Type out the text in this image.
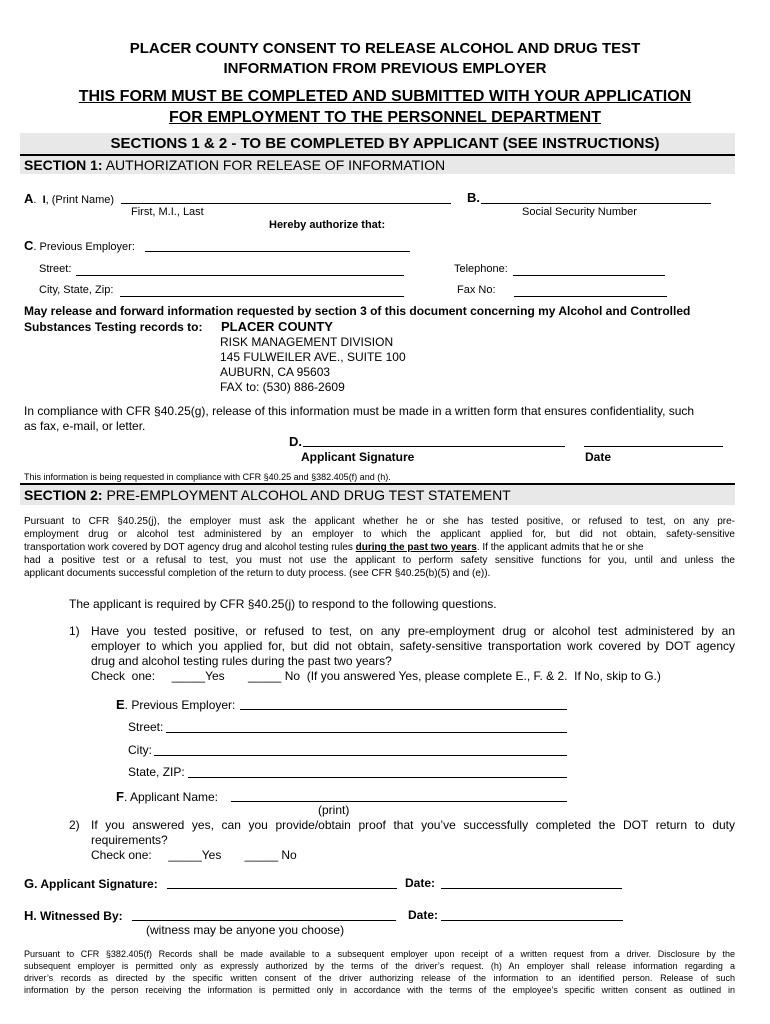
PLACER COUNTY CONSENT TO RELEASE ALCOHOL AND DRUG TEST
INFORMATION FROM PREVIOUS EMPLOYER
THIS FORM MUST BE COMPLETED AND SUBMITTED WITH YOUR APPLICATION
FOR EMPLOYMENT TO THE PERSONNEL DEPARTMENT
SECTIONS 1 & 2 - TO BE COMPLETED BY APPLICANT (SEE INSTRUCTIONS)
SECTION 1: AUTHORIZATION FOR RELEASE OF INFORMATION
A.  I, (Print Name)
First, M.I., Last
B.
Social Security Number
Hereby authorize that:
C. Previous Employer:
Street:	Telephone:
City, State, Zip:	Fax No:
May release and forward information requested by section 3 of this document concerning my Alcohol and Controlled
Substances Testing records to: PLACER COUNTY
RISK MANAGEMENT DIVISION
145 FULWEILER AVE., SUITE 100
AUBURN, CA 95603
FAX to: (530) 886-2609
In compliance with CFR §40.25(g), release of this information must be made in a written form that ensures confidentiality, such
as fax, e-mail, or letter.
D.
Applicant Signature	Date
This information is being requested in compliance with CFR §40.25 and §382.405(f) and (h).
SECTION 2: PRE-EMPLOYMENT ALCOHOL AND DRUG TEST STATEMENT
Pursuant to CFR §40.25(j), the employer must ask the applicant whether he or she has tested positive, or refused to test, on any pre-
employment drug or alcohol test administered by an employer to which the applicant applied for, but did not obtain, safety-sensitive
transportation work covered by DOT agency drug and alcohol testing rules during the past two years. If the applicant admits that he or she
had a positive test or a refusal to test, you must not use the applicant to perform safety sensitive functions for you, until and unless the
applicant documents successful completion of the return to duty process. (see CFR §40.25(b)(5) and (e)).
The applicant is required by CFR §40.25(j) to respond to the following questions.
1) Have you tested positive, or refused to test, on any pre-employment drug or alcohol test administered by an
employer to which you applied for, but did not obtain, safety-sensitive transportation work covered by DOT agency
drug and alcohol testing rules during the past two years?
Check  one:     _____Yes       _____ No  (If you answered Yes, please complete E., F. & 2.  If No, skip to G.)
E. Previous Employer:
Street:
City:
State, ZIP:
F. Applicant Name:
(print)
2) If you answered yes, can you provide/obtain proof that you’ve successfully completed the DOT return to duty
requirements?
Check one:     _____Yes       _____ No
G. Applicant Signature:	Date:
H. Witnessed By:	Date:
(witness may be anyone you choose)
Pursuant to CFR §382.405(f) Records shall be made available to a subsequent employer upon receipt of a written request from a driver. Disclosure by the
subsequent employer is permitted only as expressly authorized by the terms of the driver’s request. (h) An employer shall release information regarding a
driver’s records as directed by the specific written consent of the driver authorizing release of the information to an identified person. Release of such
information by the person receiving the information is permitted only in accordance with the terms of the employee’s specific written consent as outlined in
